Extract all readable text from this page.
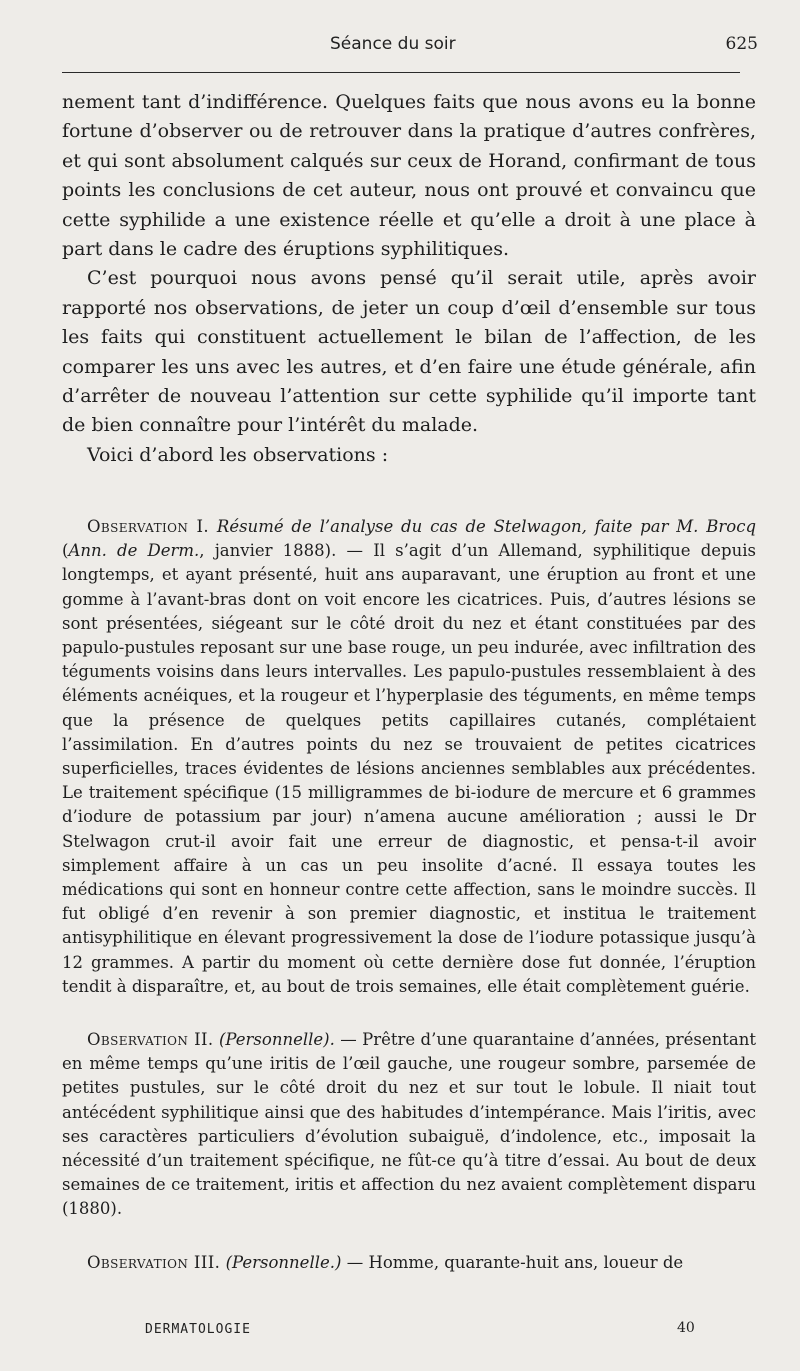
Séance du soir	625

nement tant d’indifférence. Quelques faits que nous avons eu la bonne fortune d’observer ou de retrouver dans la pratique d’autres confrères, et qui sont absolument calqués sur ceux de Horand, confirmant de tous points les conclusions de cet auteur, nous ont prouvé et convaincu que cette syphilide a une existence réelle et qu’elle a droit à une place à part dans le cadre des éruptions syphilitiques.

C’est pourquoi nous avons pensé qu’il serait utile, après avoir rapporté nos observations, de jeter un coup d’œil d’ensemble sur tous les faits qui constituent actuellement le bilan de l’affection, de les comparer les uns avec les autres, et d’en faire une étude générale, afin d’arrêter de nouveau l’attention sur cette syphilide qu’il importe tant de bien connaître pour l’intérêt du malade.

Voici d’abord les observations :

Observation I. Résumé de l’analyse du cas de Stelwagon, faite par M. Brocq (Ann. de Derm., janvier 1888). — Il s’agit d’un Allemand, syphilitique depuis longtemps, et ayant présenté, huit ans auparavant, une éruption au front et une gomme à l’avant-bras dont on voit encore les cicatrices. Puis, d’autres lésions se sont présentées, siégeant sur le côté droit du nez et étant constituées par des papulo-pustules reposant sur une base rouge, un peu indurée, avec infiltration des téguments voisins dans leurs intervalles. Les papulo-pustules ressemblaient à des éléments acnéiques, et la rougeur et l’hyperplasie des téguments, en même temps que la présence de quelques petits capillaires cutanés, complétaient l’assimilation. En d’autres points du nez se trouvaient de petites cicatrices superficielles, traces évidentes de lésions anciennes semblables aux précédentes. Le traitement spécifique (15 milligrammes de bi-iodure de mercure et 6 grammes d’iodure de potassium par jour) n’amena aucune amélioration ; aussi le Dr Stelwagon crut-il avoir fait une erreur de diagnostic, et pensa-t-il avoir simplement affaire à un cas un peu insolite d’acné. Il essaya toutes les médications qui sont en honneur contre cette affection, sans le moindre succès. Il fut obligé d’en revenir à son premier diagnostic, et institua le traitement antisyphilitique en élevant progressivement la dose de l’iodure potassique jusqu’à 12 grammes. A partir du moment où cette dernière dose fut donnée, l’éruption tendit à disparaître, et, au bout de trois semaines, elle était complètement guérie.

Observation II. (Personnelle). — Prêtre d’une quarantaine d’années, présentant en même temps qu’une iritis de l’œil gauche, une rougeur sombre, parsemée de petites pustules, sur le côté droit du nez et sur tout le lobule. Il niait tout antécédent syphilitique ainsi que des habitudes d’intempérance. Mais l’iritis, avec ses caractères particuliers d’évolution subaiguë, d’indolence, etc., imposait la nécessité d’un traitement spécifique, ne fût-ce qu’à titre d’essai. Au bout de deux semaines de ce traitement, iritis et affection du nez avaient complètement disparu (1880).

Observation III. (Personnelle.) — Homme, quarante-huit ans, loueur de

DERMATOLOGIE	40
